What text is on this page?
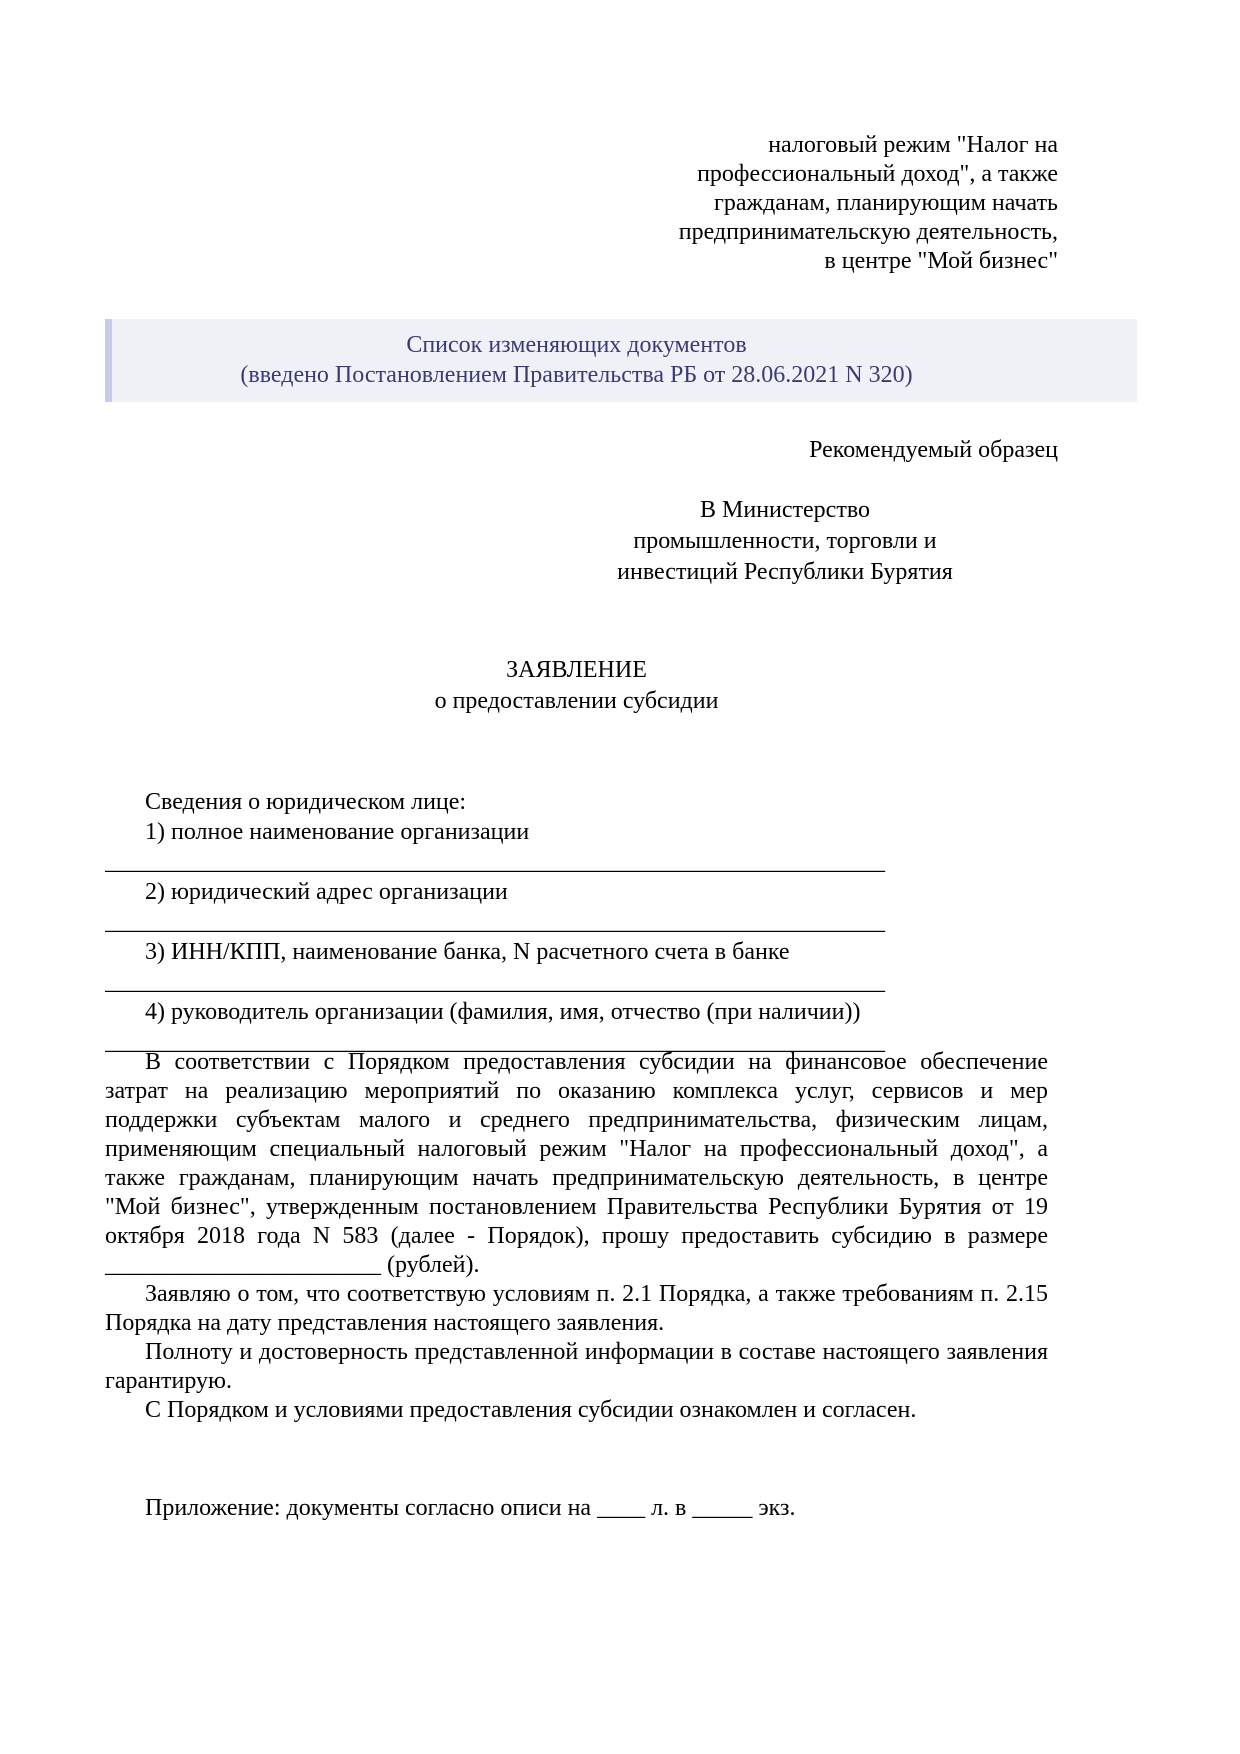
налоговый режим "Налог на
профессиональный доход", а также
гражданам, планирующим начать
предпринимательскую деятельность,
в центре "Мой бизнес"
Список изменяющих документов
(введено Постановлением Правительства РБ от 28.06.2021 N 320)
Рекомендуемый образец
В Министерство
промышленности, торговли и
инвестиций Республики Бурятия
ЗАЯВЛЕНИЕ
о предоставлении субсидии
Сведения о юридическом лице:
1) полное наименование организации
_________________________________________________________________
2) юридический адрес организации
_________________________________________________________________
3) ИНН/КПП, наименование банка, N расчетного счета в банке
_________________________________________________________________
4) руководитель организации (фамилия, имя, отчество (при наличии))
_________________________________________________________________

В соответствии с Порядком предоставления субсидии на финансовое обеспечение затрат на реализацию мероприятий по оказанию комплекса услуг, сервисов и мер поддержки субъектам малого и среднего предпринимательства, физическим лицам, применяющим специальный налоговый режим "Налог на профессиональный доход", а также гражданам, планирующим начать предпринимательскую деятельность, в центре "Мой бизнес", утвержденным постановлением Правительства Республики Бурятия от 19 октября 2018 года N 583 (далее - Порядок), прошу предоставить субсидию в размере _______________________ (рублей).

Заявляю о том, что соответствую условиям п. 2.1 Порядка, а также требованиям п. 2.15 Порядка на дату представления настоящего заявления.

Полноту и достоверность представленной информации в составе настоящего заявления гарантирую.

С Порядком и условиями предоставления субсидии ознакомлен и согласен.

Приложение: документы согласно описи на ____ л. в _____ экз.
